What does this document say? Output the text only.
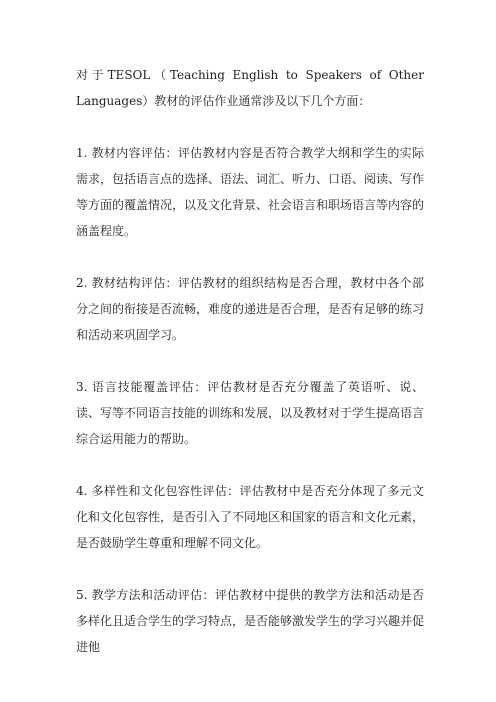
对于TESOL（Teaching English to Speakers of Other Languages）教材的评估作业通常涉及以下几个方面：

1. 教材内容评估：评估教材内容是否符合教学大纲和学生的实际需求，包括语言点的选择、语法、词汇、听力、口语、阅读、写作等方面的覆盖情况，以及文化背景、社会语言和职场语言等内容的涵盖程度。

2. 教材结构评估：评估教材的组织结构是否合理，教材中各个部分之间的衔接是否流畅，难度的递进是否合理，是否有足够的练习和活动来巩固学习。

3. 语言技能覆盖评估：评估教材是否充分覆盖了英语听、说、读、写等不同语言技能的训练和发展，以及教材对于学生提高语言综合运用能力的帮助。

4. 多样性和文化包容性评估：评估教材中是否充分体现了多元文化和文化包容性，是否引入了不同地区和国家的语言和文化元素，是否鼓励学生尊重和理解不同文化。

5. 教学方法和活动评估：评估教材中提供的教学方法和活动是否多样化且适合学生的学习特点，是否能够激发学生的学习兴趣并促进他
